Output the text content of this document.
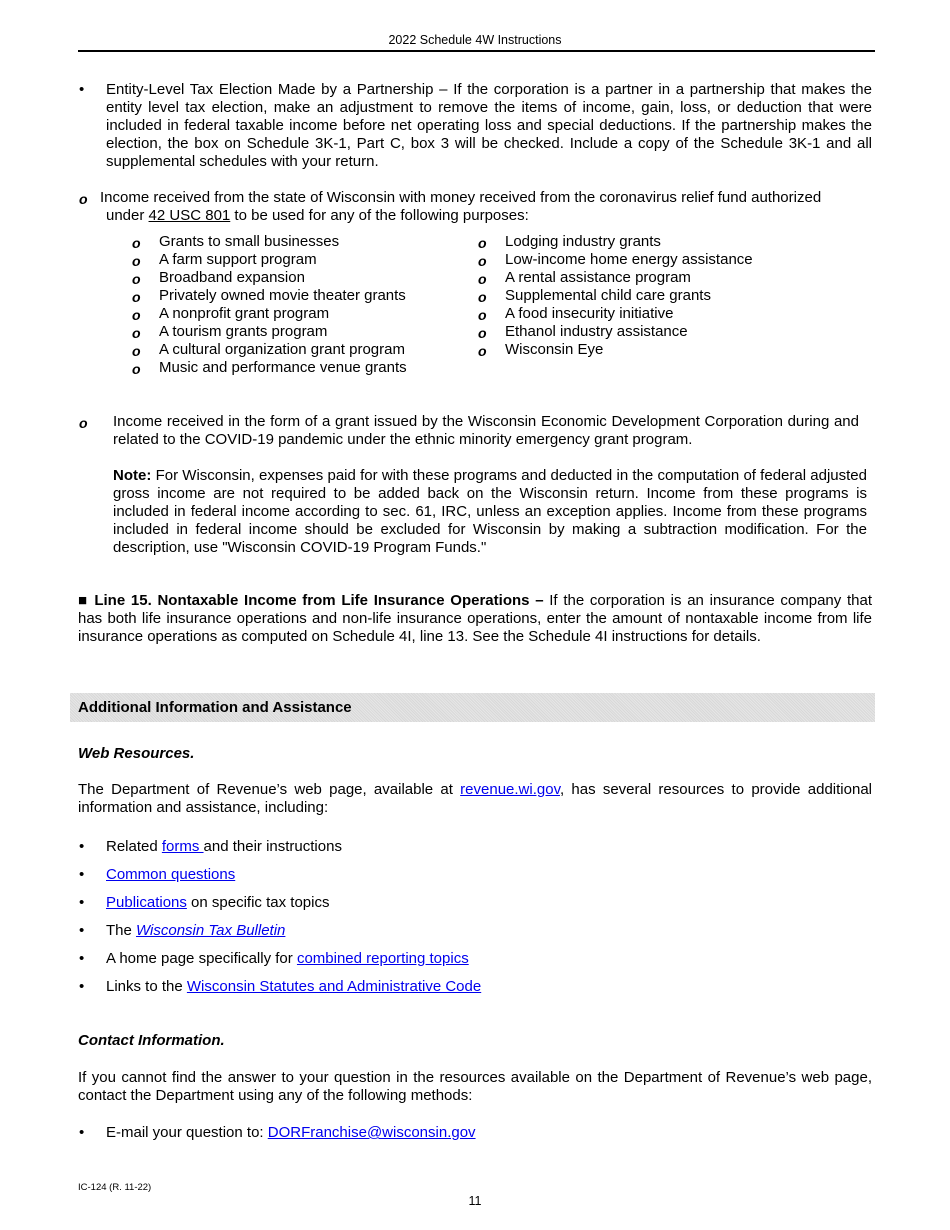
2022 Schedule 4W Instructions
• Entity-Level Tax Election Made by a Partnership – If the corporation is a partner in a partnership that makes the entity level tax election, make an adjustment to remove the items of income, gain, loss, or deduction that were included in federal taxable income before net operating loss and special deductions. If the partnership makes the election, the box on Schedule 3K-1, Part C, box 3 will be checked. Include a copy of the Schedule 3K-1 and all supplemental schedules with your return.
o Income received from the state of Wisconsin with money received from the coronavirus relief fund authorized
under 42 USC 801 to be used for any of the following purposes:
o Grants to small businesses
o A farm support program
o Broadband expansion
o Privately owned movie theater grants
o A nonprofit grant program
o A tourism grants program
o A cultural organization grant program
o Music and performance venue grants
o Lodging industry grants
o Low-income home energy assistance
o A rental assistance program
o Supplemental child care grants
o A food insecurity initiative
o Ethanol industry assistance
o Wisconsin Eye
o Income received in the form of a grant issued by the Wisconsin Economic Development Corporation during and related to the COVID-19 pandemic under the ethnic minority emergency grant program.
Note: For Wisconsin, expenses paid for with these programs and deducted in the computation of federal adjusted gross income are not required to be added back on the Wisconsin return. Income from these programs is included in federal income according to sec. 61, IRC, unless an exception applies. Income from these programs included in federal income should be excluded for Wisconsin by making a subtraction modification. For the description, use "Wisconsin COVID-19 Program Funds."
■ Line 15. Nontaxable Income from Life Insurance Operations – If the corporation is an insurance company that has both life insurance operations and non-life insurance operations, enter the amount of nontaxable income from life insurance operations as computed on Schedule 4I, line 13. See the Schedule 4I instructions for details.
Additional Information and Assistance
Web Resources.
The Department of Revenue’s web page, available at revenue.wi.gov, has several resources to provide additional information and assistance, including:
• Related forms and their instructions
• Common questions
• Publications on specific tax topics
• The Wisconsin Tax Bulletin
• A home page specifically for combined reporting topics
• Links to the Wisconsin Statutes and Administrative Code
Contact Information.
If you cannot find the answer to your question in the resources available on the Department of Revenue’s web page, contact the Department using any of the following methods:
• E-mail your question to: DORFranchise@wisconsin.gov
IC-124 (R. 11-22)
11
